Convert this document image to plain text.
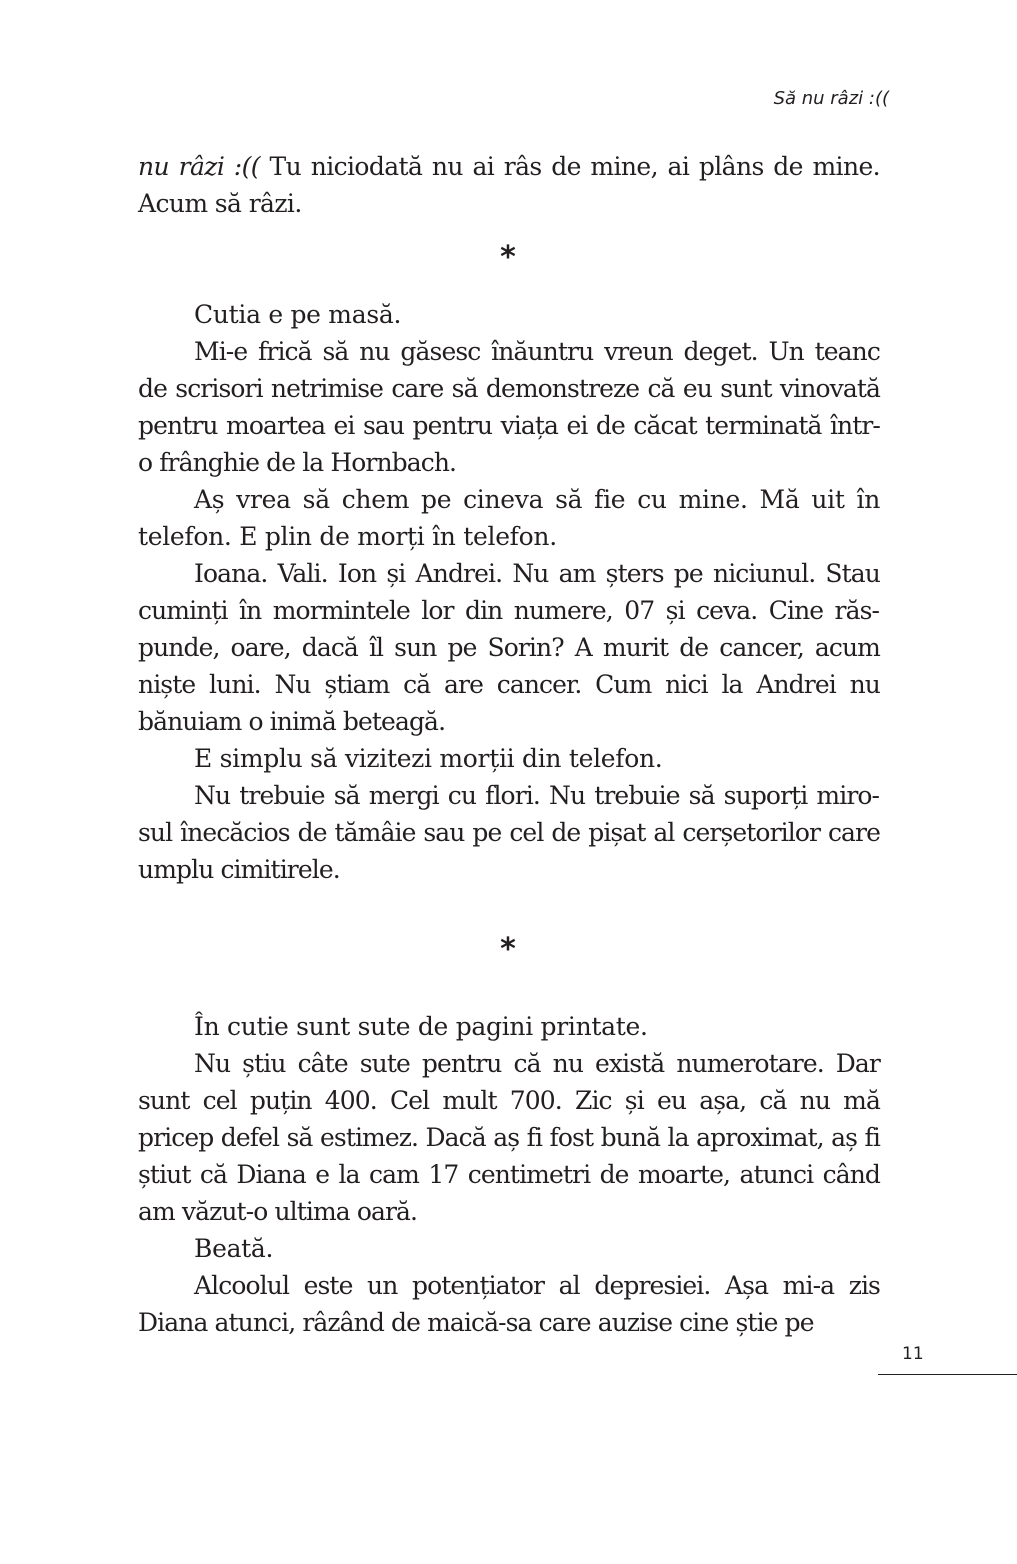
Să nu râzi :((

nu râzi :(( Tu niciodată nu ai râs de mine, ai plâns de mine. Acum să râzi.

*

Cutia e pe masă.

Mi-e frică să nu găsesc înăuntru vreun deget. Un teanc de scrisori netrimise care să demonstreze că eu sunt vinovată pentru moartea ei sau pentru viața ei de căcat terminată într-o frânghie de la Hornbach.

Aș vrea să chem pe cineva să fie cu mine. Mă uit în telefon. E plin de morți în telefon.

Ioana. Vali. Ion și Andrei. Nu am șters pe niciunul. Stau cuminți în mormintele lor din numere, 07 și ceva. Cine răspunde, oare, dacă îl sun pe Sorin? A murit de cancer, acum niște luni. Nu știam că are cancer. Cum nici la Andrei nu bănuiam o inimă beteagă.

E simplu să vizitezi morții din telefon.

Nu trebuie să mergi cu flori. Nu trebuie să suporți mirosul înecăcios de tămâie sau pe cel de pișat al cerșetorilor care umplu cimitirele.

*

În cutie sunt sute de pagini printate.

Nu știu câte sute pentru că nu există numerotare. Dar sunt cel puțin 400. Cel mult 700. Zic și eu așa, că nu mă pricep defel să estimez. Dacă aș fi fost bună la aproximat, aș fi știut că Diana e la cam 17 centimetri de moarte, atunci când am văzut-o ultima oară.

Beată.

Alcoolul este un potențiator al depresiei. Așa mi-a zis Diana atunci, râzând de maică-sa care auzise cine știe pe

11
